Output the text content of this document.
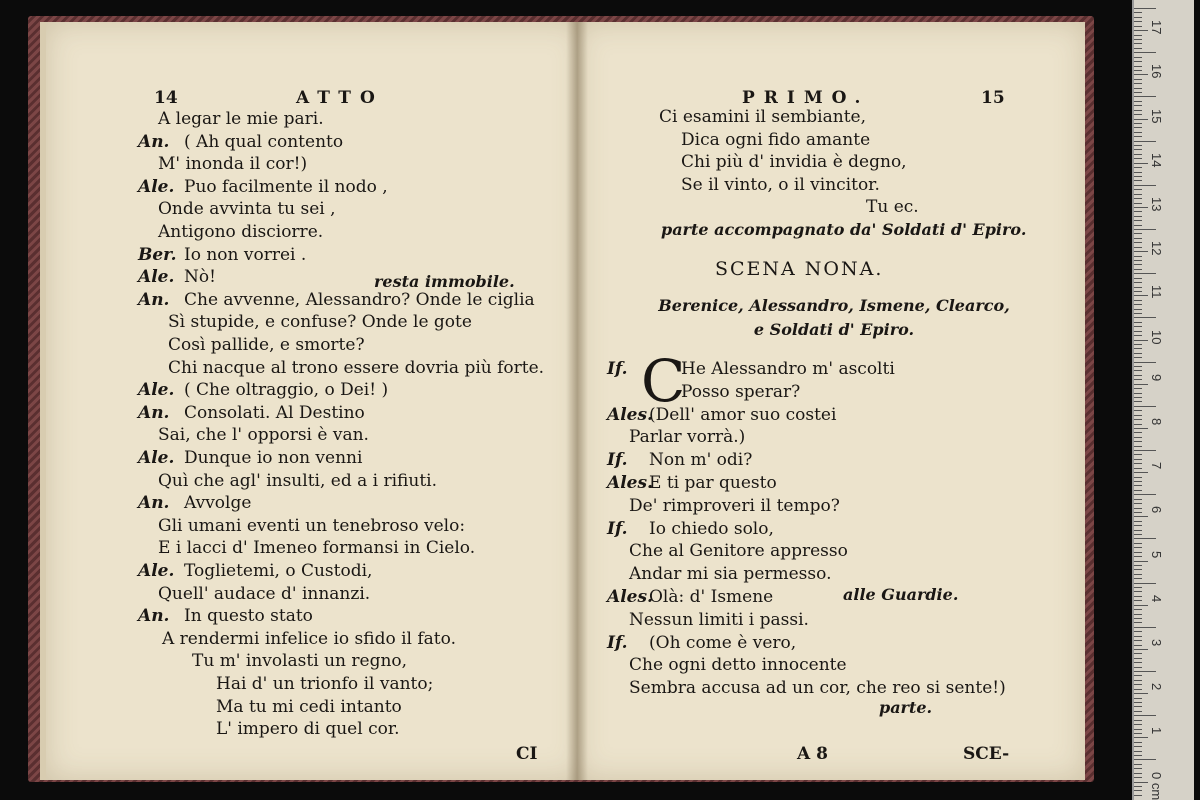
14	ATTO
A legar le mie pari.
An. ( Ah qual contento
M' inonda il cor!)
Ale. Puo facilmente il nodo ,
Onde avvinta tu sei ,
Antigono disciorre.
Ber. Io non vorrei .
Ale. Nò!
An. Che avvenne, Alessandro? Onde le ciglia
Sì stupide, e confuse? Onde le gote
Così pallide, e smorte?
Chi nacque al trono essere dovria più forte.
Ale. ( Che oltraggio, o Dei! )
An. Consolati. Al Destino
Sai, che l' opporsi è van.
Ale. Dunque io non venni
Quì che agl' insulti, ed a i rifiuti.
An. Avvolge
Gli umani eventi un tenebroso velo:
E i lacci d' Imeneo formansi in Cielo.
Ale. Toglietemi, o Custodi,
Quell' audace d' innanzi.
An. In questo stato
A rendermi infelice io sfido il fato.
Tu m' involasti un regno,
Hai d' un trionfo il vanto;
Ma tu mi cedi intanto
L' impero di quel cor.
resta immobile.
CI
PRIMO.	15
Ci esamini il sembiante,
Dica ogni fido amante
Chi più d' invidia è degno,
Se il vinto, o il vincitor.
Tu ec.
parte accompagnato da' Soldati d' Epiro.
SCENA NONA.
Berenice, Alessandro, Ismene, Clearco,
e Soldati d' Epiro.
C
If.	He Alessandro m' ascolti
Posso sperar?
Ales.
(Dell' amor suo costei
Parlar vorrà.)
If. Non m' odi?
Ales.
E ti par questo
De' rimproveri il tempo?
If. Io chiedo solo,
Che al Genitore appresso
Andar mi sia permesso.
Ales.
Olà: d' Ismene
Nessun limiti i passi.
If. (Oh come è vero,
Che ogni detto innocente
Sembra accusa ad un cor, che reo si sente!)
alle Guardie.
parte.
A 8	SCE-
17
16
15
14
13
12
11
10
9
8
7
6
5
4
3
2
1
0 cm
